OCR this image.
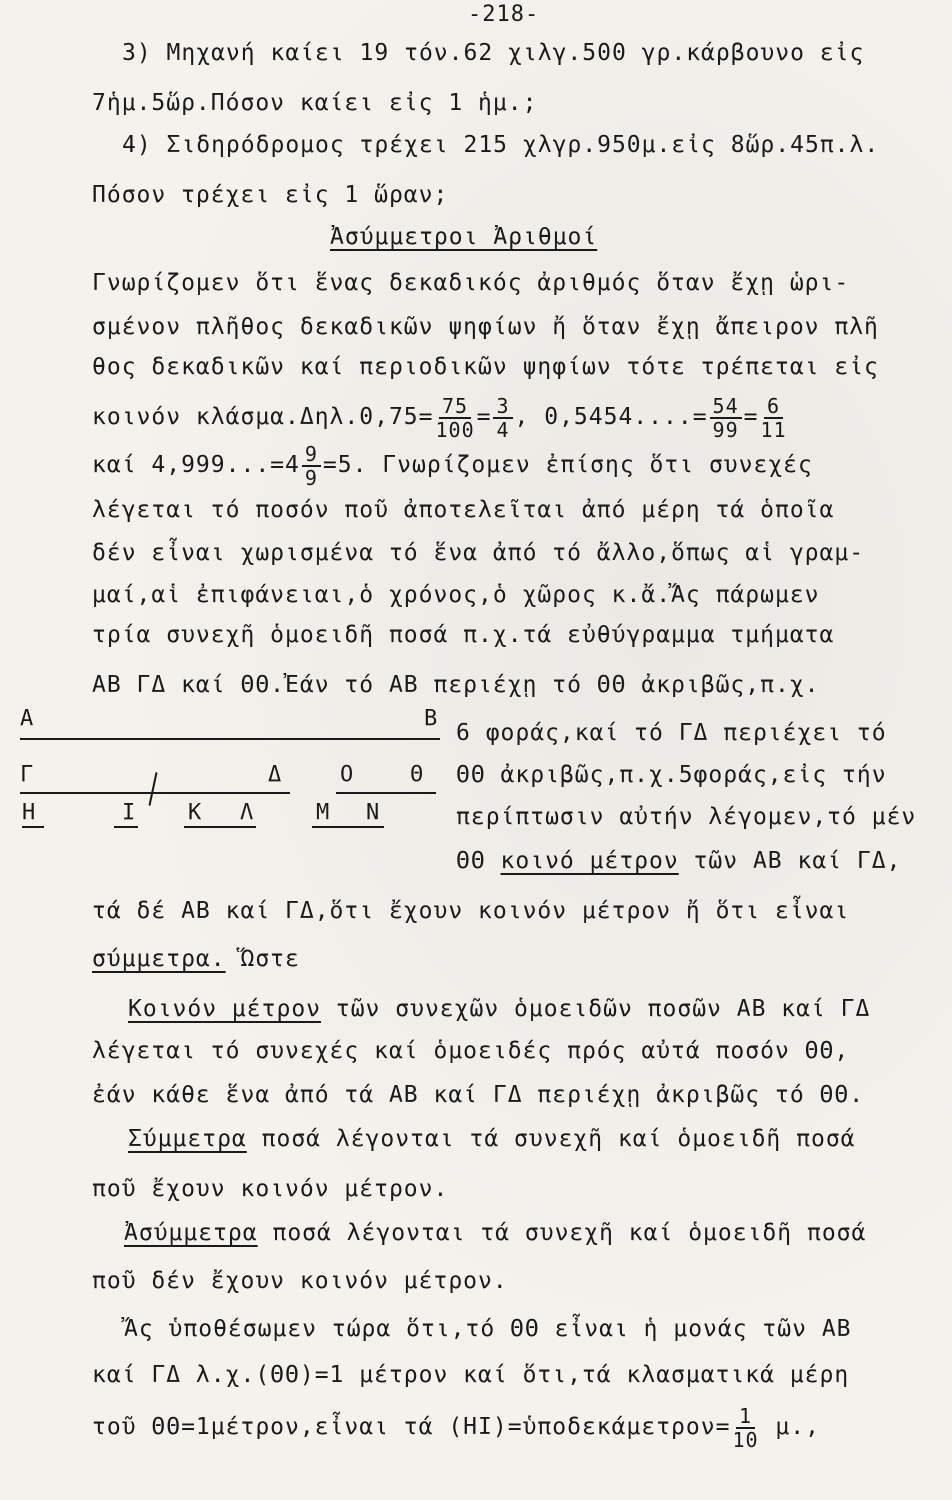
-218-
3) Μηχανή καίει 19 τόν.62 χιλγ.500 γρ.κάρβουνο εἰς
7ἡμ.5ὥρ.Πόσον καίει εἰς 1 ἡμ.;
4) Σιδηρόδρομος τρέχει 215 χλγρ.950μ.εἰς 8ὥρ.45π.λ.
Πόσον τρέχει εἰς 1 ὥραν;
Ἀσύμμετροι Ἀριθμοί
Γνωρίζομεν ὅτι ἕνας δεκαδικός ἀριθμός ὅταν ἔχῃ ὡρι-
σμένον πλῆθος δεκαδικῶν ψηφίων ἤ ὅταν ἔχῃ ἄπειρον πλῆ
θος δεκαδικῶν καί περιοδικῶν ψηφίων τότε τρέπεται εἰς
κοινόν $\kappa\lambda ά\sigma\mu\alpha.\Delta\eta\lambda.0,75= \frac{75}{100} = \frac{3}{4}$ , $0,5454....= \frac{54}{99} = \frac{6}{11}$
καί $4,999...=4 \frac{9}{9} =5$. Γνωρίζομεν ἐπίσης ὅτι συνεχές
λέγεται τό ποσόν ποῦ ἀποτελεῖται ἀπό μέρη τά ὁποῖα
δέν εἶναι χωρισμένα τό ἕνα ἀπό τό ἄλλο,ὅπως αἱ γραμ-
μαί,αἱ ἐπιφάνειαι,ὁ χρόνος,ὁ χῶρος κ.ἄ.Ἄς πάρωμεν
τρία συνεχῆ ὁμοειδῆ ποσά π.χ.τά εὐθύγραμμα τμήματα
ΑΒ ΓΔ καί ΘΘ.Ἐάν τό ΑΒ περιέχῃ τό ΘΘ ἀκριβῶς,π.χ.
Α	Β
Γ	Δ	Ο	Θ
Η	Ι Κ Λ	Μ Ν
6 φοράς,καί τό ΓΔ περιέχει τό
ΘΘ ἀκριβῶς,π.χ.5φοράς,εἰς τήν
περίπτωσιν αὐτήν λέγομεν,τό μέν
ΘΘ κοινό μέτρον τῶν ΑΒ καί ΓΔ,
τά δέ ΑΒ καί ΓΔ,ὅτι ἔχουν κοινόν μέτρον ἤ ὅτι εἶναι
σύμμετρα. Ὥστε
Κοινόν μέτρον τῶν συνεχῶν ὁμοειδῶν ποσῶν ΑΒ καί ΓΔ
λέγεται τό συνεχές καί ὁμοειδές πρός αὐτά ποσόν ΘΘ,
ἐάν κάθε ἕνα ἀπό τά ΑΒ καί ΓΔ περιέχῃ ἀκριβῶς τό ΘΘ.
Σύμμετρα ποσά λέγονται τά συνεχῆ καί ὁμοειδῆ ποσά
ποῦ ἔχουν κοινόν μέτρον.
Ἀσύμμετρα ποσά λέγονται τά συνεχῆ καί ὁμοειδῆ ποσά
ποῦ δέν ἔχουν κοινόν μέτρον.
Ἄς ὑποθέσωμεν τώρα ὅτι,τό ΘΘ εἶναι ἡ μονάς τῶν ΑΒ
καί ΓΔ λ.χ.(ΘΘ)=1 μέτρον καί ὅτι,τά κλασματικά μέρη
τοῦ ΘΘ=1μέτρον,εἶναι τά (ΗΙ)=ὑποδεκάμετρον= $\frac{1}{10} \mu$.,
